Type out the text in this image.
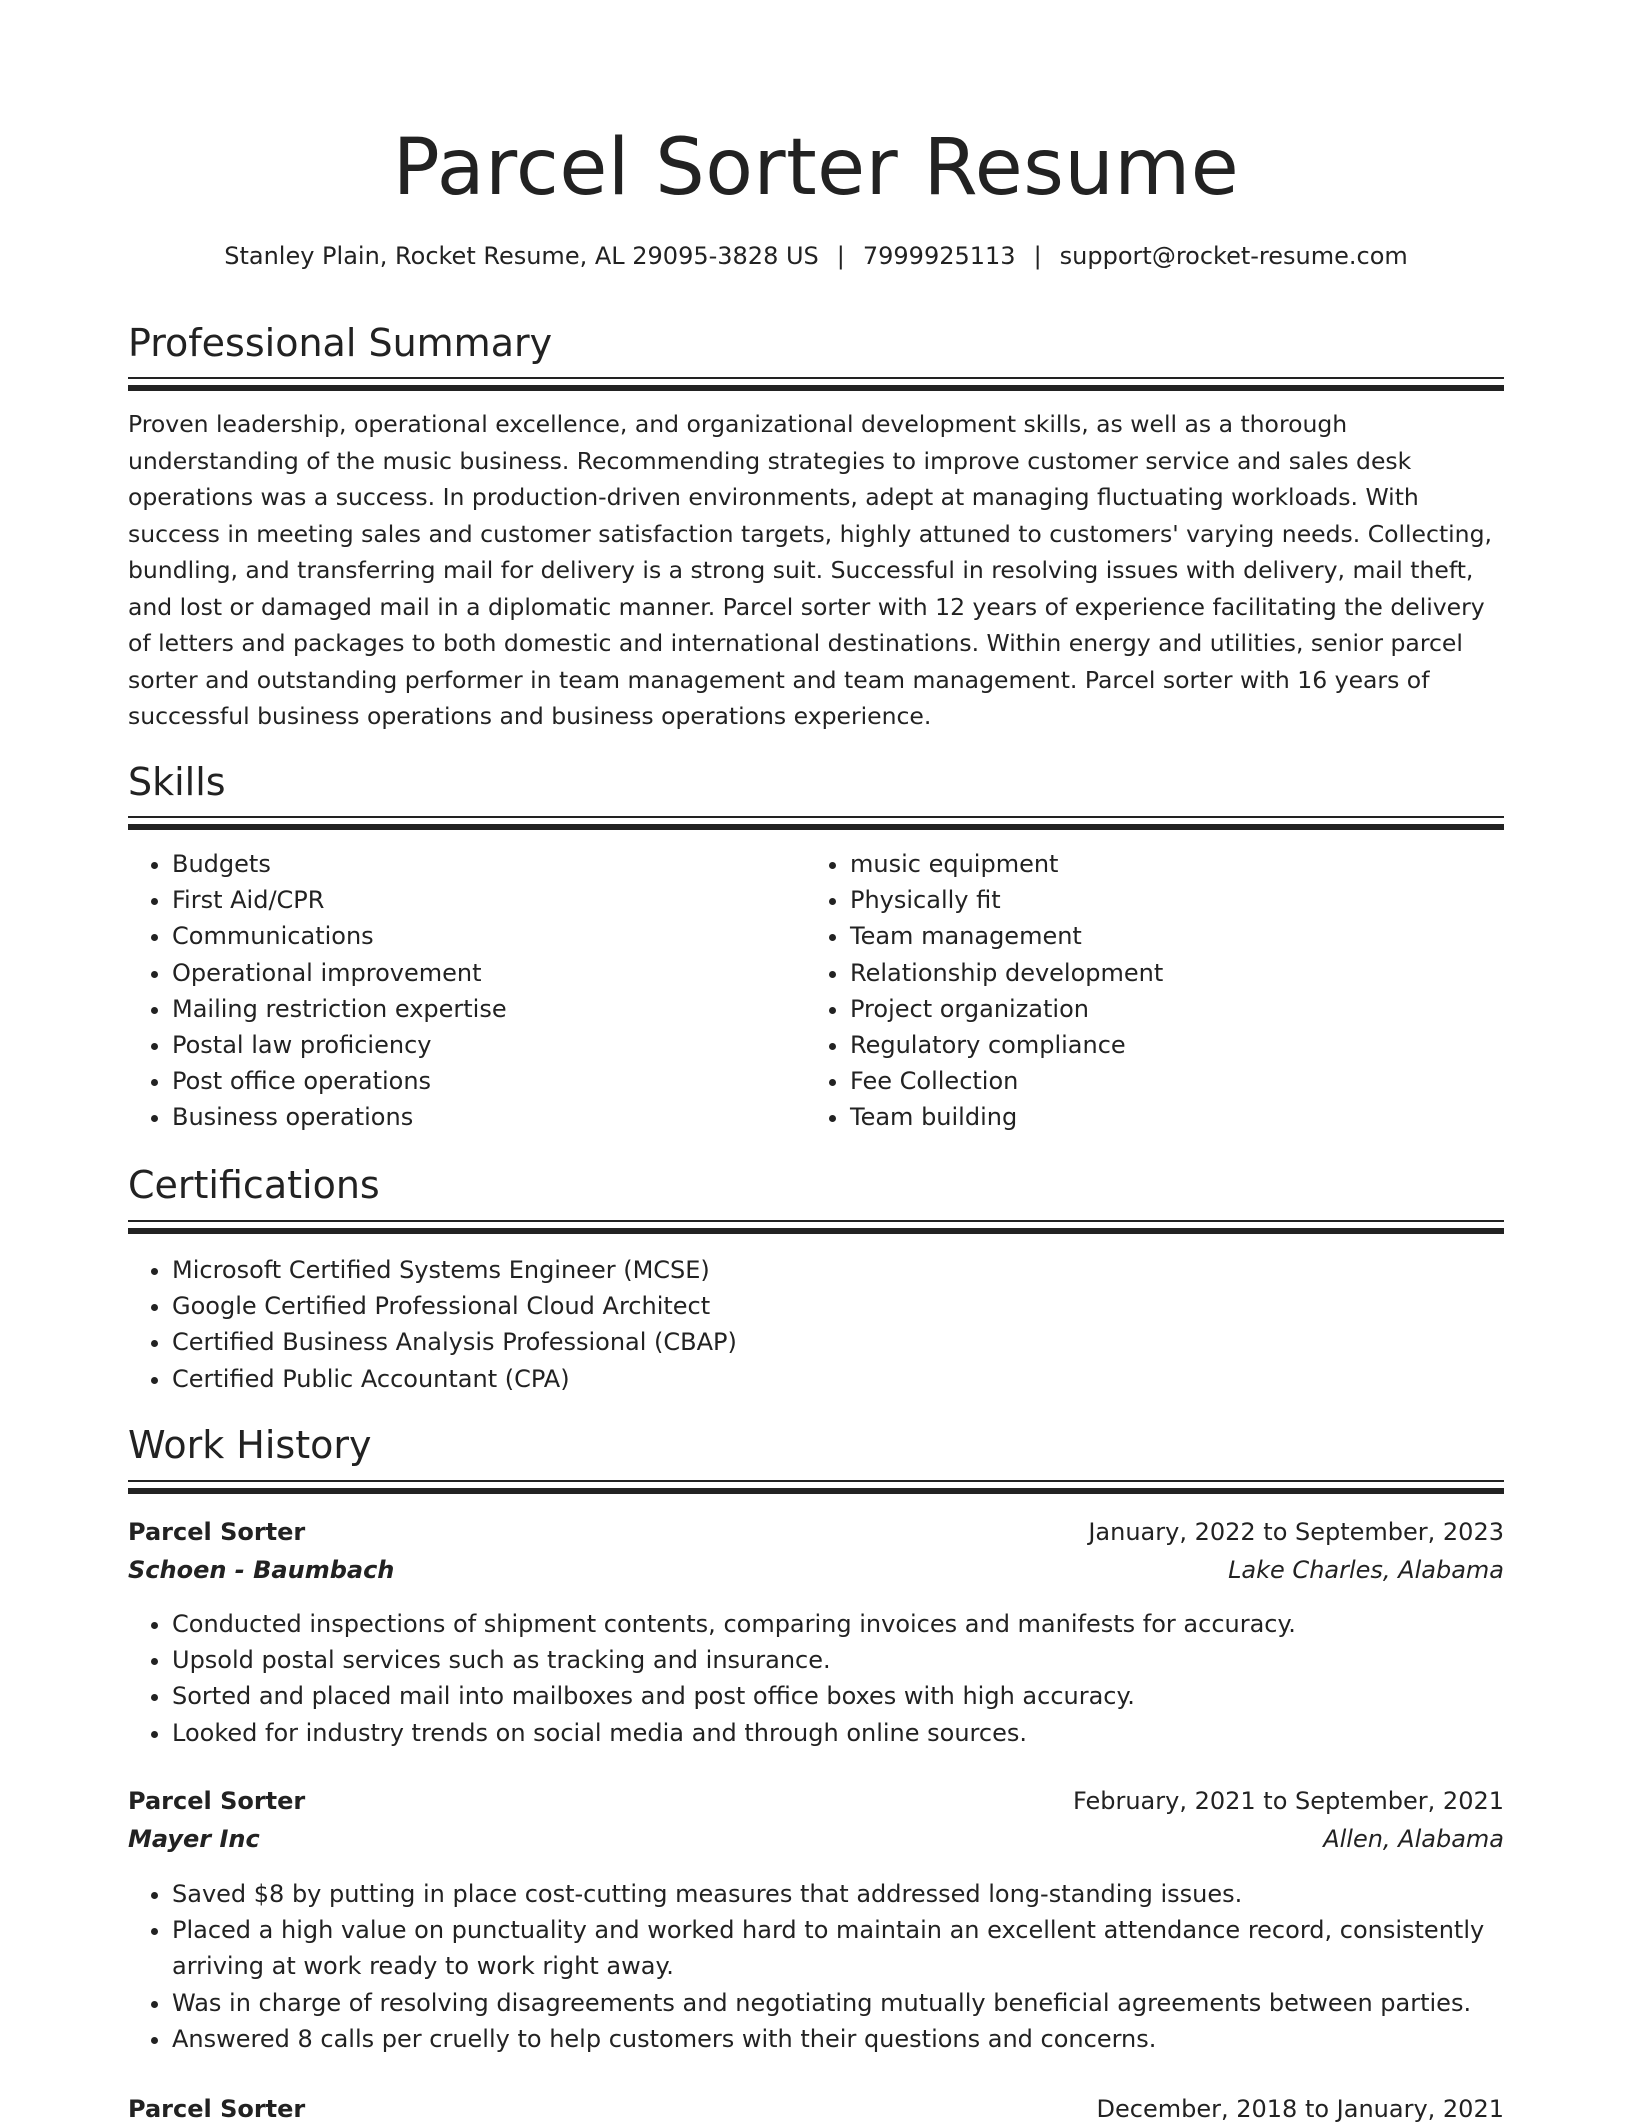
Parcel Sorter Resume
Stanley Plain, Rocket Resume, AL 29095-3828 US | 7999925113 | support@rocket-resume.com
Professional Summary

Proven leadership, operational excellence, and organizational development skills, as well as a thorough understanding of the music business. Recommending strategies to improve customer service and sales desk operations was a success. In production-driven environments, adept at managing fluctuating workloads. With success in meeting sales and customer satisfaction targets, highly attuned to customers' varying needs. Collecting, bundling, and transferring mail for delivery is a strong suit. Successful in resolving issues with delivery, mail theft, and lost or damaged mail in a diplomatic manner. Parcel sorter with 12 years of experience facilitating the delivery of letters and packages to both domestic and international destinations. Within energy and utilities, senior parcel sorter and outstanding performer in team management and team management. Parcel sorter with 16 years of successful business operations and business operations experience.

Skills
• Budgets
• First Aid/CPR
• Communications
• Operational improvement
• Mailing restriction expertise
• Postal law proficiency
• Post office operations
• Business operations
• music equipment
• Physically fit
• Team management
• Relationship development
• Project organization
• Regulatory compliance
• Fee Collection
• Team building
Certifications
• Microsoft Certified Systems Engineer (MCSE)
• Google Certified Professional Cloud Architect
• Certified Business Analysis Professional (CBAP)
• Certified Public Accountant (CPA)
Work History
Parcel Sorter	January, 2022 to September, 2023
Schoen - Baumbach	Lake Charles, Alabama
• Conducted inspections of shipment contents, comparing invoices and manifests for accuracy.
• Upsold postal services such as tracking and insurance.
• Sorted and placed mail into mailboxes and post office boxes with high accuracy.
• Looked for industry trends on social media and through online sources.
Parcel Sorter	February, 2021 to September, 2021
Mayer Inc	Allen, Alabama
• Saved $8 by putting in place cost-cutting measures that addressed long-standing issues.
• Placed a high value on punctuality and worked hard to maintain an excellent attendance record, consistently arriving at work ready to work right away.
• Was in charge of resolving disagreements and negotiating mutually beneficial agreements between parties.
• Answered 8 calls per cruelly to help customers with their questions and concerns.
Parcel Sorter	December, 2018 to January, 2021
